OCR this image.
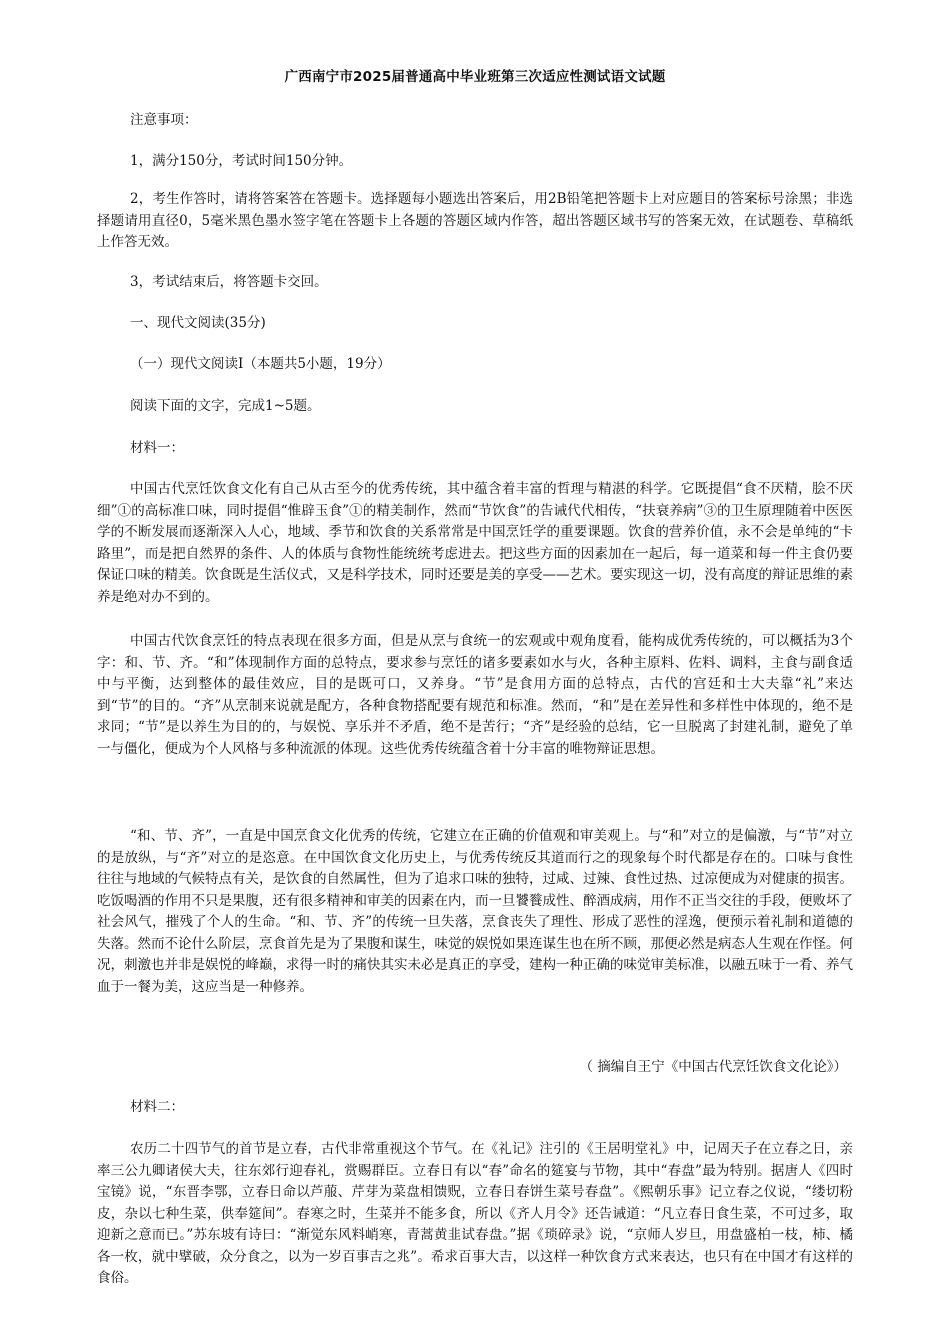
广西南宁市2025届普通高中毕业班第三次适应性测试语文试题
注意事项：
1，满分150分，考试时间150分钟。
2，考生作答时，请将答案答在答题卡。选择题每小题选出答案后，用2B铅笔把答题卡上对应题目的答案标号涂黑；非选择题请用直径0，5毫米黑色墨水签字笔在答题卡上各题的答题区域内作答，超出答题区域书写的答案无效，在试题卷、草稿纸上作答无效。
3，考试结束后，将答题卡交回。
一、现代文阅读(35分)
（一）现代文阅读Ⅰ（本题共5小题，19分）
阅读下面的文字，完成1~5题。
材料一：
中国古代烹饪饮食文化有自己从古至今的优秀传统，其中蕴含着丰富的哲理与精湛的科学。它既提倡“食不厌精，脍不厌细”①的高标准口味，同时提倡“惟辟玉食”①的精美制作，然而“节饮食”的告诫代代相传，“扶衰养病”③的卫生原理随着中医医学的不断发展而逐渐深入人心，地域、季节和饮食的关系常常是中国烹饪学的重要课题。饮食的营养价值，永不会是单纯的“卡路里”，而是把自然界的条件、人的体质与食物性能统统考虑进去。把这些方面的因素加在一起后，每一道菜和每一件主食仍要保证口味的精美。饮食既是生活仪式，又是科学技术，同时还要是美的享受——艺术。要实现这一切，没有高度的辩证思维的素养是绝对办不到的。
中国古代饮食烹饪的特点表现在很多方面，但是从烹与食统一的宏观或中观角度看，能构成优秀传统的，可以概括为3个字：和、节、齐。“和”体现制作方面的总特点，要求参与烹饪的诸多要素如水与火，各种主原料、佐料、调料，主食与副食适中与平衡，达到整体的最佳效应，目的是既可口，又养身。“节”是食用方面的总特点，古代的宫廷和士大夫靠“礼”来达到“节”的目的。“齐”从烹制来说就是配方，各种食物搭配要有规范和标准。然而，“和”是在差异性和多样性中体现的，绝不是求同；“节”是以养生为目的的，与娱悦、享乐并不矛盾，绝不是苦行；“齐”是经验的总结，它一旦脱离了封建礼制，避免了单一与僵化，便成为个人风格与多种流派的体现。这些优秀传统蕴含着十分丰富的唯物辩证思想。
“和、节、齐”，一直是中国烹食文化优秀的传统，它建立在正确的价值观和审美观上。与“和”对立的是偏激，与“节”对立的是放纵，与“齐”对立的是恣意。在中国饮食文化历史上，与优秀传统反其道而行之的现象每个时代都是存在的。口味与食性往往与地域的气候特点有关，是饮食的自然属性，但为了追求口味的独特，过咸、过辣、食性过热、过凉便成为对健康的损害。吃饭喝酒的作用不只是果腹，还有很多精神和审美的因素在内，而一旦饕餮成性、醉酒成病，用作不正当交往的手段，便败坏了社会风气，摧残了个人的生命。“和、节、齐”的传统一旦失落，烹食丧失了理性、形成了恶性的淫逸，便预示着礼制和道德的失落。然而不论什么阶层，烹食首先是为了果腹和谋生，味觉的娱悦如果连谋生也在所不顾，那便必然是病态人生观在作怪。何况，刺激也并非是娱悦的峰巅，求得一时的痛快其实未必是真正的享受，建构一种正确的味觉审美标准，以融五味于一肴、养气血于一餐为美，这应当是一种修养。
（ 摘编自王宁《中国古代烹饪饮食文化论》）
材料二：
农历二十四节气的首节是立春，古代非常重视这个节气。在《礼记》注引的《王居明堂礼》中，记周天子在立春之日，亲率三公九卿诸侯大夫，往东郊行迎春礼，赏赐群臣。立春日有以“春”命名的筵宴与节物，其中“春盘”最为特别。据唐人《四时宝镜》说，“东晋李鄂，立春日命以芦菔、芹芽为菜盘相馈贶，立春日春饼生菜号春盘”。《熙朝乐事》记立春之仪说，“缕切粉皮，杂以七种生菜，供奉筵间”。春寒之时，生菜并不能多食，所以《齐人月令》还告诫道：“凡立春日食生菜，不可过多，取迎新之意而已。”苏东坡有诗曰：“渐觉东风料峭寒，青蒿黄韭试春盘。”据《琐碎录》说，“京师人岁旦，用盘盛柏一枝，柿、橘各一枚，就中擘破，众分食之，以为一岁百事吉之兆”。希求百事大吉，以这样一种饮食方式来表达，也只有在中国才有这样的食俗。
